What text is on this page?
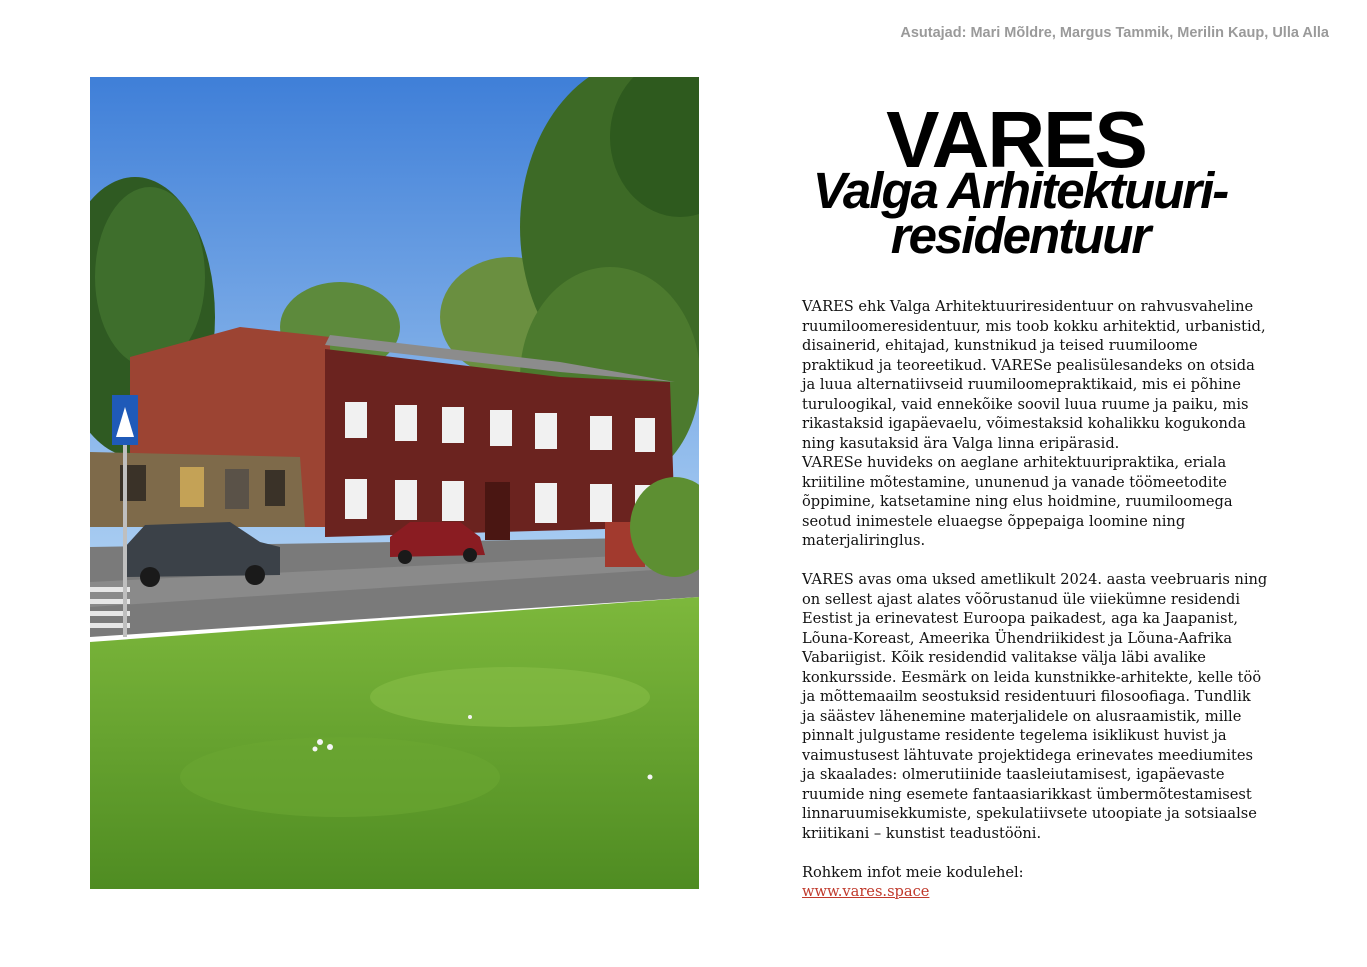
Asutajad: Mari Mõldre, Margus Tammik, Merilin Kaup, Ulla Alla
VARES
Valga Arhitektuuri-
residentuur

VARES ehk Valga Arhitektuuriresidentuur on rahvusvaheline
ruumiloomeresidentuur, mis toob kokku arhitektid, urbanistid,
disainerid, ehitajad, kunstnikud ja teised ruumiloome
praktikud ja teoreetikud. VARESe pealisülesandeks on otsida
ja luua alternatiivseid ruumiloomepraktikaid, mis ei põhine
turuloogikal, vaid ennekõike soovil luua ruume ja paiku, mis
rikastaksid igapäevaelu, võimestaksid kohalikku kogukonda
ning kasutaksid ära Valga linna eripärasid.

VARESe huvideks on aeglane arhitektuuripraktika, eriala
kriitiline mõtestamine, ununenud ja vanade töömeetodite
õppimine, katsetamine ning elus hoidmine, ruumiloomega
seotud inimestele eluaegse õppepaiga loomine ning
materjaliringlus.

VARES avas oma uksed ametlikult 2024. aasta veebruaris ning
on sellest ajast alates võõrustanud üle viiekümne residendi
Eestist ja erinevatest Euroopa paikadest, aga ka Jaapanist,
Lõuna-Koreast, Ameerika Ühendriikidest ja Lõuna-Aafrika
Vabariigist. Kõik residendid valitakse välja läbi avalike
konkursside. Eesmärk on leida kunstnikke-arhitekte, kelle töö
ja mõttemaailm seostuksid residentuuri filosoofiaga. Tundlik
ja säästev lähenemine materjalidele on alusraamistik, mille
pinnalt julgustame residente tegelema isiklikust huvist ja
vaimustusest lähtuvate projektidega erinevates meediumites
ja skaalades: olmerutiinide taasleiutamisest, igapäevaste
ruumide ning esemete fantaasiarikkast ümbermõtestamisest
linnaruumisekkumiste, spekulatiivsete utoopiate ja sotsiaalse
kriitikani – kunstist teadustööni.

Rohkem infot meie kodulehel:

www.vares.space
